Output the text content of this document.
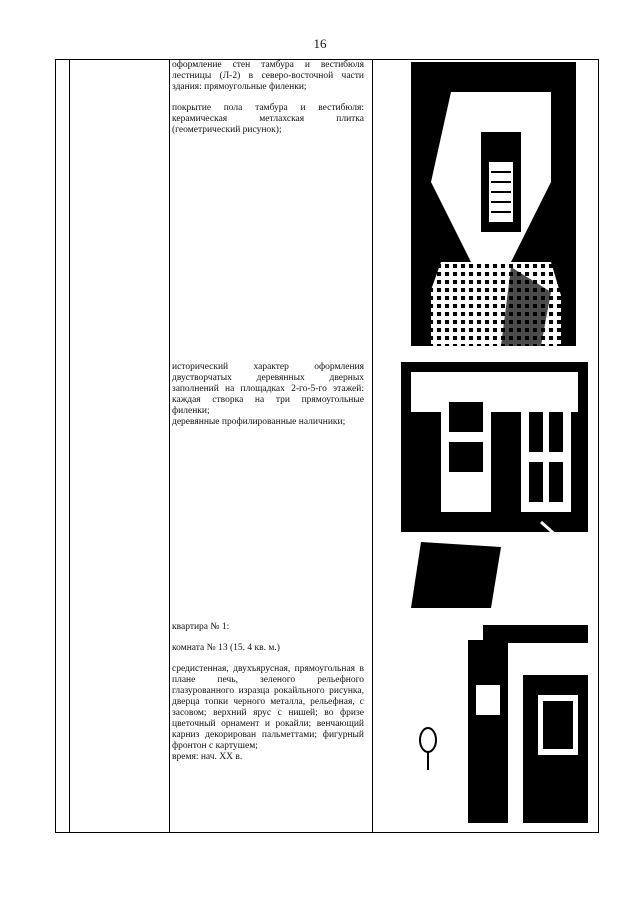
16

оформление стен тамбура и вестибюля лестницы (Л-2) в северо-восточной части здания: прямоугольные филенки;

покрытие пола тамбура и вестибюля: керамическая метлахская плитка (геометрический рисунок);

исторический характер оформления двустворчатых деревянных дверных заполнений на площадках 2-го-5-го этажей: каждая створка на три прямоугольные филенки;
деревянные профилированные наличники;

квартира № 1:

комната № 13 (15. 4 кв. м.)

средистенная, двухъярусная, прямоугольная в плане печь, зеленого рельефного глазурованного изразца рокайльного рисунка, дверца топки черного металла, рельефная, с засовом; верхний ярус с нишей; во фризе цветочный орнамент и рокайли; венчающий карниз декорирован пальметтами; фигурный фронтон с картушем;
время: нач. XX в.
